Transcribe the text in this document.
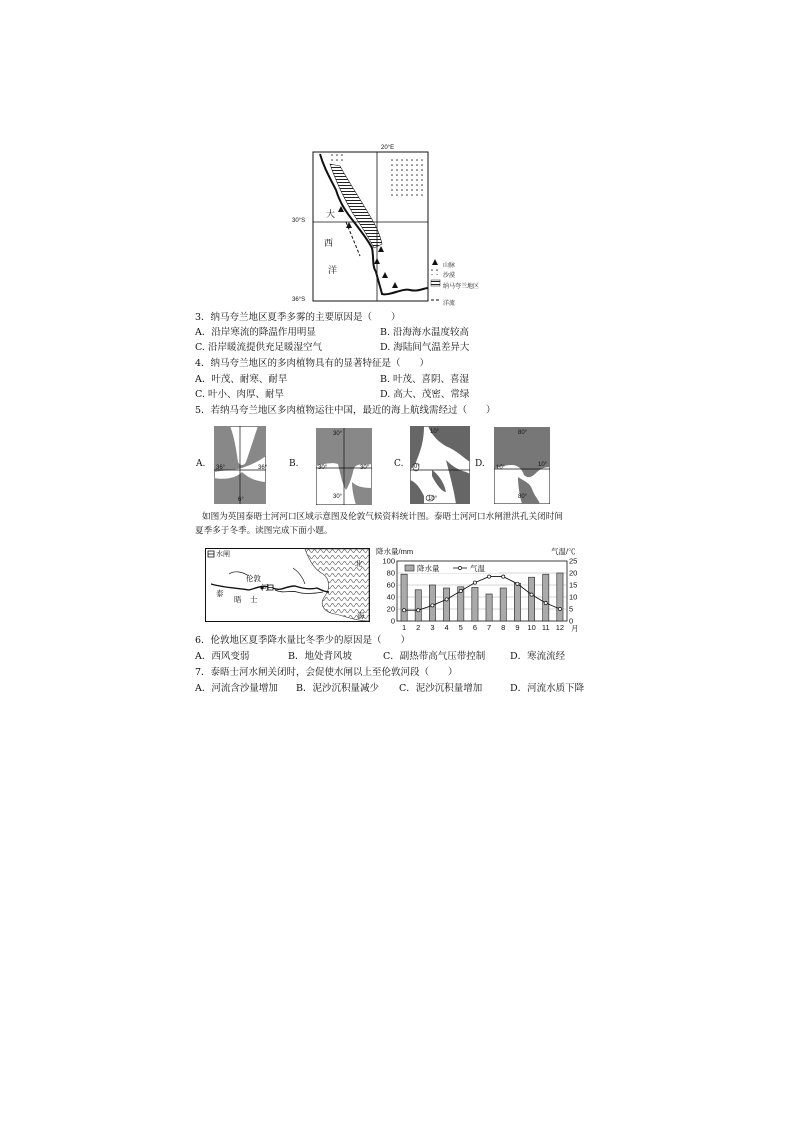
20°E
30°S
36°S
大
西
洋	山脉
沙漠
纳马夸兰地区
洋流
3．纳马夸兰地区夏季多雾的主要原因是（　　）
A．沿岸寒流的降温作用明显	B. 沿海海水温度较高
C. 沿岸暖流提供充足暖湿空气	D. 海陆间气温差异大
4．纳马夸兰地区的多肉植物具有的显著特征是（　　）
A．叶茂、耐寒、耐旱	B. 叶茂、喜阴、喜湿
C. 叶小、肉厚、耐旱	D. 高大、茂密、常绿
5．若纳马夸兰地区多肉植物运往中国，最近的海上航线需经过（　　）
A.	B.	C.	D.
36°	36°
6°
30°
30°	30°
30°
10°
0°
10°
80°
10°	10°
80°
如图为英国泰晤士河河口区域示意图及伦敦气候资料统计图。泰晤士河河口水闸泄洪孔关闭时间
夏季多于冬季。读图完成下面小题。
水闸
北
海
伦敦
泰
晤 士
河
降水量/mm	气温/℃
0
20
40
60
80
100
0
5
10
15
20
25
1 2 3 4 5 6 7 8 9 10 11 12 月
降水量	气温
6．伦敦地区夏季降水量比冬季少的原因是（　　）
A．西风变弱	B．地处背风坡	C．副热带高气压带控制	D．寒流流经
7．泰晤士河水闸关闭时，会促使水闸以上至伦敦河段（　　）
A．河流含沙量增加 B．泥沙沉积量减少 C．泥沙沉积量增加	D．河流水质下降
